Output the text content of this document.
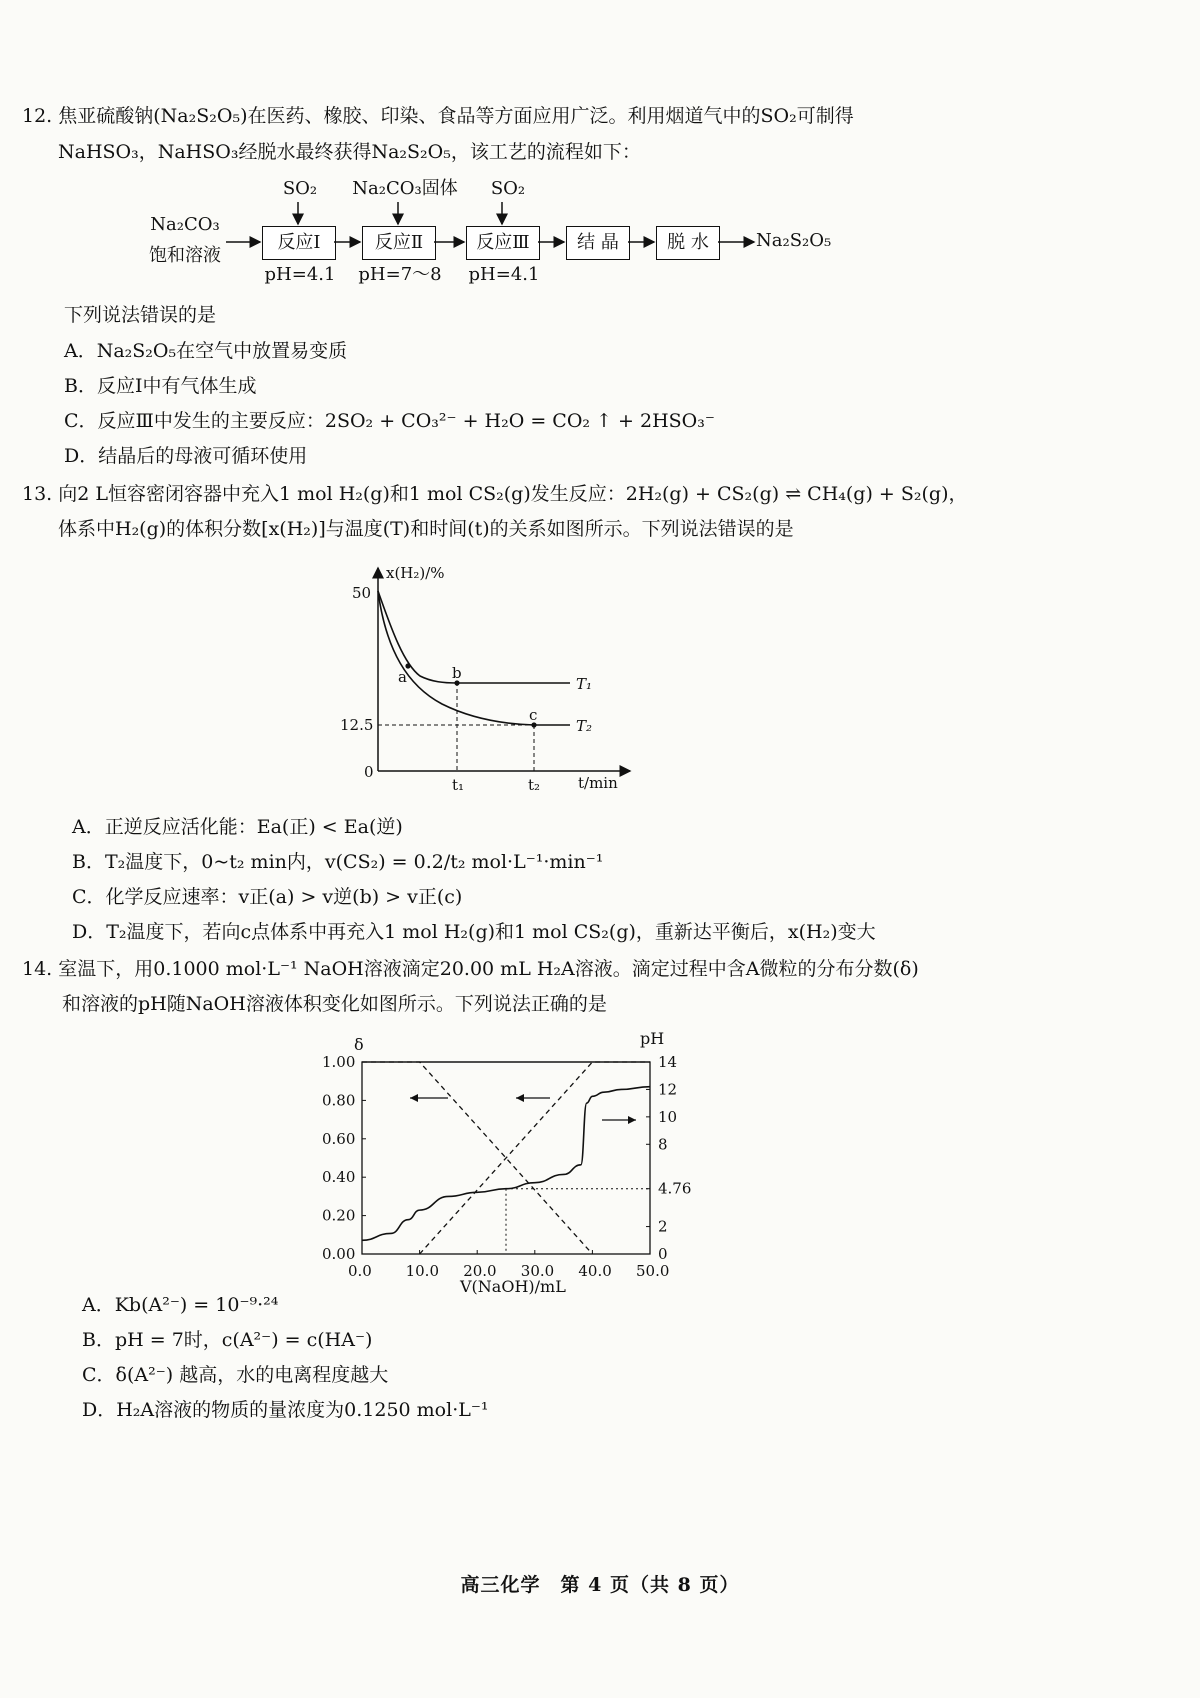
12. 焦亚硫酸钠(Na₂S₂O₅)在医药、橡胶、印染、食品等方面应用广泛。利用烟道气中的SO₂可制得
NaHSO₃，NaHSO₃经脱水最终获得Na₂S₂O₅，该工艺的流程如下：
Na₂CO₃
饱和溶液
SO₂	Na₂CO₃固体	SO₂
反应Ⅰ	反应Ⅱ	反应Ⅲ	结 晶	脱 水
pH=4.1 pH=7～8 pH=4.1
Na₂S₂O₅
下列说法错误的是
A．Na₂S₂O₅在空气中放置易变质
B．反应Ⅰ中有气体生成
C．反应Ⅲ中发生的主要反应：2SO₂ + CO₃²⁻ + H₂O = CO₂ ↑ + 2HSO₃⁻
D．结晶后的母液可循环使用
13. 向2 L恒容密闭容器中充入1 mol H₂(g)和1 mol CS₂(g)发生反应：2H₂(g) + CS₂(g) ⇌ CH₄(g) + S₂(g)，
体系中H₂(g)的体积分数[x(H₂)]与温度(T)和时间(t)的关系如图所示。下列说法错误的是
x(H₂)/%
t/min
0
50
12.5
t₁	t₂
a	b
c
T₁
T₂
A．正逆反应活化能：Ea(正) < Ea(逆)
B．T₂温度下，0~t₂ min内，v(CS₂) = 0.2/t₂ mol·L⁻¹·min⁻¹
C．化学反应速率：v正(a) > v逆(b) > v正(c)
D．T₂温度下，若向c点体系中再充入1 mol H₂(g)和1 mol CS₂(g)，重新达平衡后，x(H₂)变大
14. 室温下，用0.1000 mol·L⁻¹ NaOH溶液滴定20.00 mL H₂A溶液。滴定过程中含A微粒的分布分数(δ)
和溶液的pH随NaOH溶液体积变化如图所示。下列说法正确的是
δ	pH
V(NaOH)/mL
0.0 10.0 20.0 30.0 40.0 50.0
0.00
0.20
0.40
0.60
0.80
1.00
0
2
4.76
8
10
12
14
A．Kb(A²⁻) = 10⁻⁹·²⁴
B．pH = 7时，c(A²⁻) = c(HA⁻)
C．δ(A²⁻) 越高，水的电离程度越大
D．H₂A溶液的物质的量浓度为0.1250 mol·L⁻¹
高三化学　第 4 页（共 8 页）
